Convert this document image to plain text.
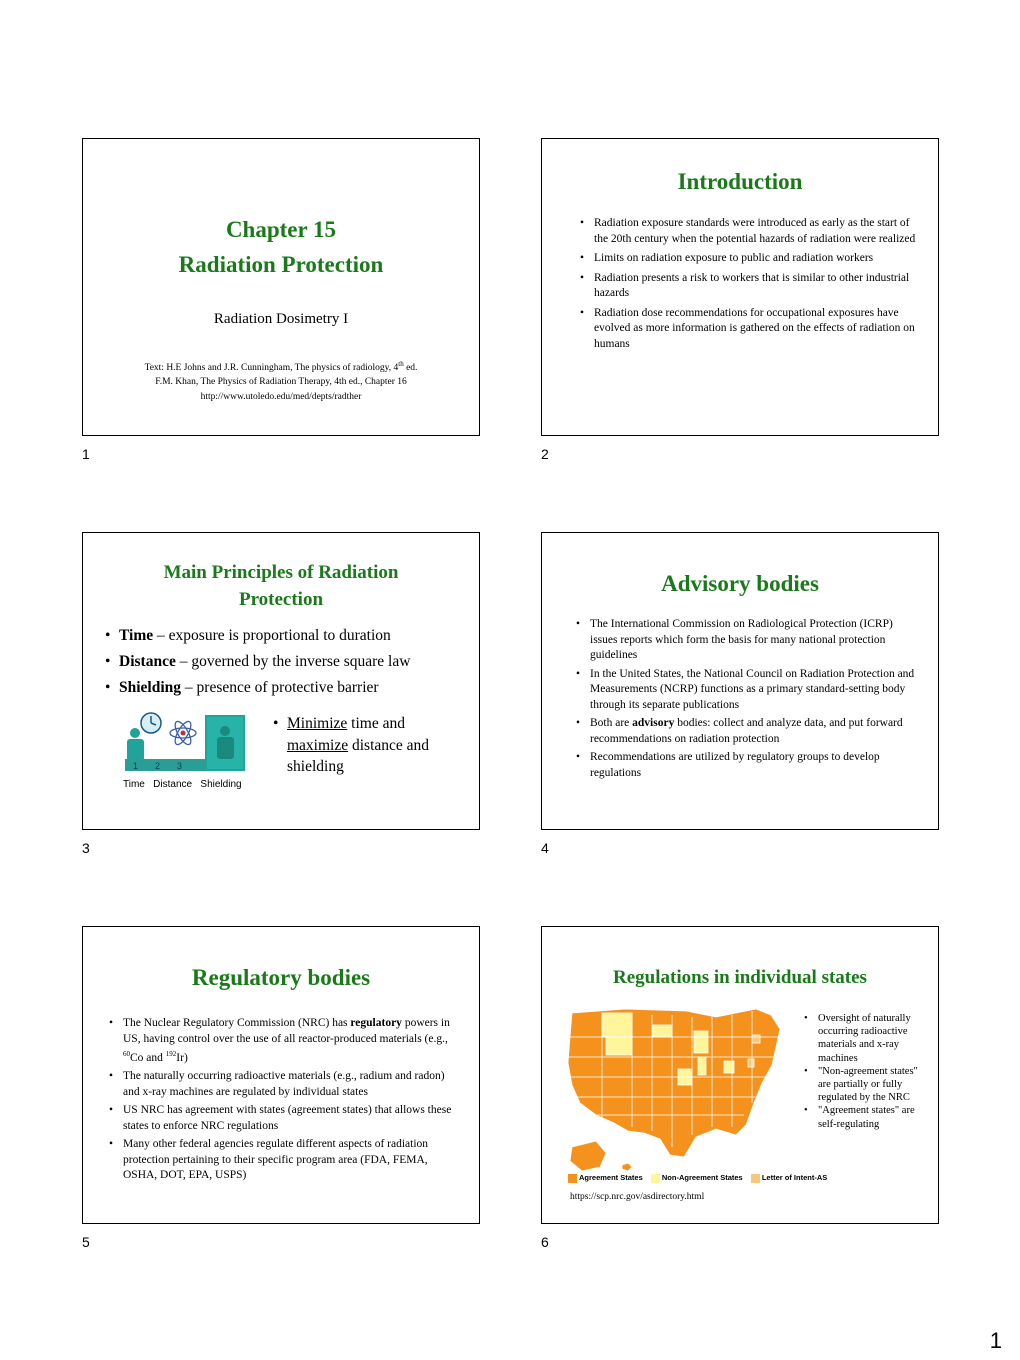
Chapter 15
Radiation Protection
Radiation Dosimetry I
Text: H.E Johns and J.R. Cunningham, The physics of radiology, 4th ed.
F.M. Khan, The Physics of Radiation Therapy, 4th ed., Chapter 16
http://www.utoledo.edu/med/depts/radther
1
Introduction
• Radiation exposure standards were introduced as early as the start of the 20th century when the potential hazards of radiation were realized
• Limits on radiation exposure to public and radiation workers
• Radiation presents a risk to workers that is similar to other industrial hazards
• Radiation dose recommendations for occupational exposures have evolved as more information is gathered on the effects of radiation on humans
2
Main Principles of Radiation Protection
• Time – exposure is proportional to duration
• Distance – governed by the inverse square law
• Shielding – presence of protective barrier
1 2 3
Time   Distance   Shielding
• Minimize time and
maximize distance and
shielding
3
Advisory bodies
• The International Commission on Radiological Protection (ICRP) issues reports which form the basis for many national protection guidelines
• In the United States, the National Council on Radiation Protection and Measurements (NCRP) functions as a primary standard-setting body through its separate publications
• Both are advisory bodies: collect and analyze data, and put forward recommendations on radiation protection
• Recommendations are utilized by regulatory groups to develop regulations
4
Regulatory bodies
• The Nuclear Regulatory Commission (NRC) has regulatory powers in US, having control over the use of all reactor-produced materials (e.g., $^{60}$Co and $^{192}$Ir)
• The naturally occurring radioactive materials (e.g., radium and radon) and x-ray machines are regulated by individual states
• US NRC has agreement with states (agreement states) that allows these states to enforce NRC regulations
• Many other federal agencies regulate different aspects of radiation protection pertaining to their specific program area (FDA, FEMA, OSHA, DOT, EPA, USPS)
5
Regulations in individual states
Agreement States	Non-Agreement States	Letter of Intent-AS
https://scp.nrc.gov/asdirectory.html
• Oversight of naturally occurring radioactive materials and x-ray machines
• "Non-agreement states" are partially or fully regulated by the NRC
• "Agreement states" are self-regulating
6
1
